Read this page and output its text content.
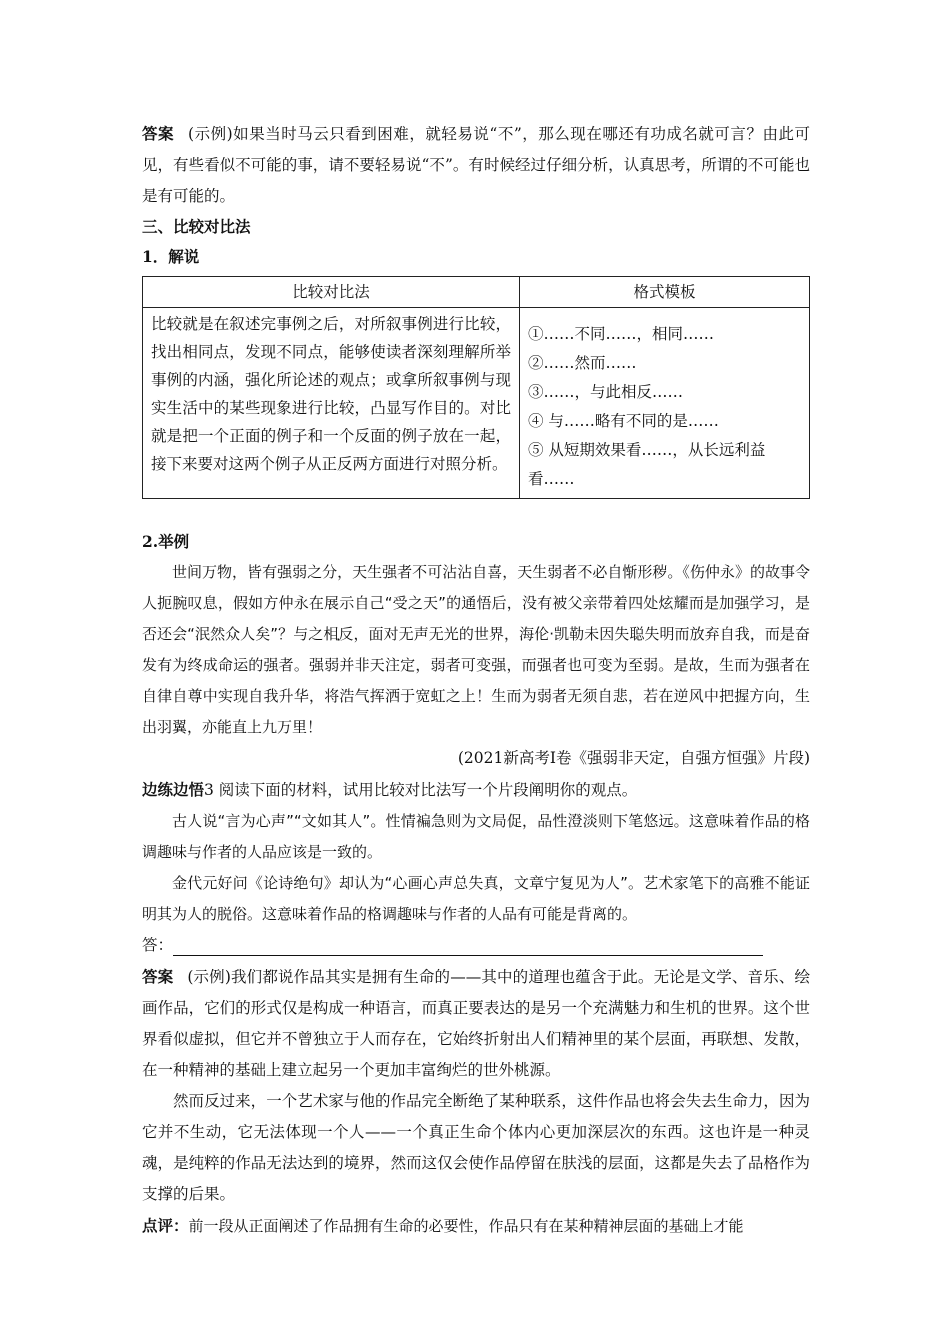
答案 (示例)如果当时马云只看到困难，就轻易说“不”，那么现在哪还有功成名就可言？由此可见，有些看似不可能的事，请不要轻易说“不”。有时候经过仔细分析，认真思考，所谓的不可能也是有可能的。

三、比较对比法

1．解说

比较对比法	格式模板
比较就是在叙述完事例之后，对所叙事例进行比较，找出相同点，发现不同点，能够使读者深刻理解所举事例的内涵，强化所论述的观点；或拿所叙事例与现实生活中的某些现象进行比较，凸显写作目的。对比就是把一个正面的例子和一个反面的例子放在一起，接下来要对这两个例子从正反两方面进行对照分析。	①……不同……，相同……
②……然而……
③……，与此相反……
④ 与……略有不同的是……
⑤ 从短期效果看……，从长远利益看……

2.举例

世间万物，皆有强弱之分，天生强者不可沾沾自喜，天生弱者不必自惭形秽。《伤仲永》的故事令人扼腕叹息，假如方仲永在展示自己“受之天”的通悟后，没有被父亲带着四处炫耀而是加强学习，是否还会“泯然众人矣”？与之相反，面对无声无光的世界，海伦·凯勒未因失聪失明而放弃自我，而是奋发有为终成命运的强者。强弱并非天注定，弱者可变强，而强者也可变为至弱。是故，生而为强者在自律自尊中实现自我升华，将浩气挥洒于宽虹之上！生而为弱者无须自悲，若在逆风中把握方向，生出羽翼，亦能直上九万里！

(2021新高考Ⅰ卷《强弱非天定，自强方恒强》片段)

边练边悟3 阅读下面的材料，试用比较对比法写一个片段阐明你的观点。

古人说“言为心声”“文如其人”。性情褊急则为文局促，品性澄淡则下笔悠远。这意味着作品的格调趣味与作者的人品应该是一致的。

金代元好问《论诗绝句》却认为“心画心声总失真，文章宁复见为人”。艺术家笔下的高雅不能证明其为人的脱俗。这意味着作品的格调趣味与作者的人品有可能是背离的。

答：

答案 (示例)我们都说作品其实是拥有生命的——其中的道理也蕴含于此。无论是文学、音乐、绘画作品，它们的形式仅是构成一种语言，而真正要表达的是另一个充满魅力和生机的世界。这个世界看似虚拟，但它并不曾独立于人而存在，它始终折射出人们精神里的某个层面，再联想、发散，在一种精神的基础上建立起另一个更加丰富绚烂的世外桃源。

然而反过来，一个艺术家与他的作品完全断绝了某种联系，这件作品也将会失去生命力，因为它并不生动，它无法体现一个人——一个真正生命个体内心更加深层次的东西。这也许是一种灵魂，是纯粹的作品无法达到的境界，然而这仅会使作品停留在肤浅的层面，这都是失去了品格作为支撑的后果。

点评：前一段从正面阐述了作品拥有生命的必要性，作品只有在某种精神层面的基础上才能
